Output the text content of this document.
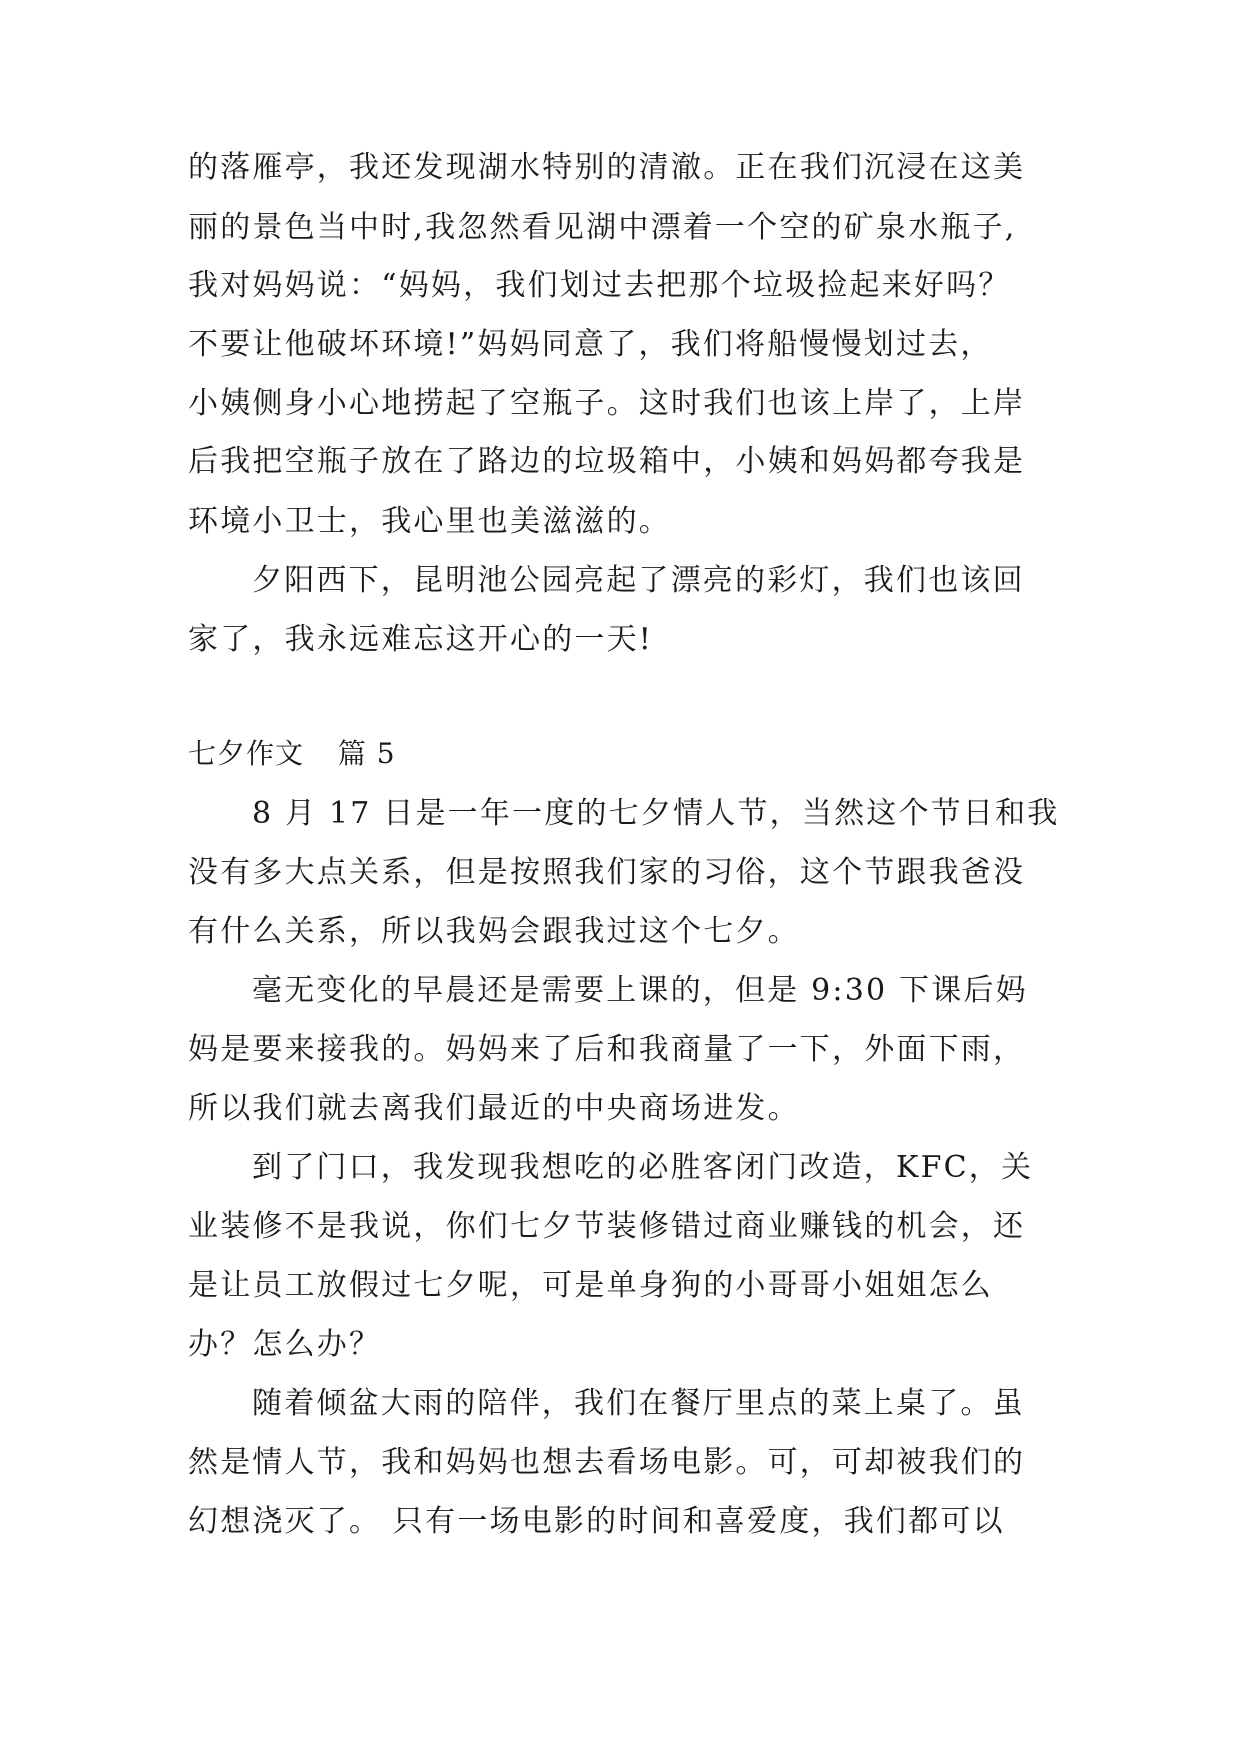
的落雁亭，我还发现湖水特别的清澈。正在我们沉浸在这美
丽的景色当中时,我忽然看见湖中漂着一个空的矿泉水瓶子,
我对妈妈说：“妈妈，我们划过去把那个垃圾捡起来好吗？
不要让他破坏环境!”妈妈同意了，我们将船慢慢划过去，
小姨侧身小心地捞起了空瓶子。这时我们也该上岸了，上岸
后我把空瓶子放在了路边的垃圾箱中，小姨和妈妈都夸我是
环境小卫士，我心里也美滋滋的。
夕阳西下，昆明池公园亮起了漂亮的彩灯，我们也该回
家了，我永远难忘这开心的一天!
七夕作文 篇 5
8 月 17 日是一年一度的七夕情人节，当然这个节日和我
没有多大点关系，但是按照我们家的习俗，这个节跟我爸没
有什么关系，所以我妈会跟我过这个七夕。
毫无变化的早晨还是需要上课的，但是 9:30 下课后妈
妈是要来接我的。妈妈来了后和我商量了一下，外面下雨，
所以我们就去离我们最近的中央商场进发。
到了门口，我发现我想吃的必胜客闭门改造，KFC，关
业装修不是我说，你们七夕节装修错过商业赚钱的机会，还
是让员工放假过七夕呢，可是单身狗的小哥哥小姐姐怎么
办？怎么办？
随着倾盆大雨的陪伴，我们在餐厅里点的菜上桌了。虽
然是情人节，我和妈妈也想去看场电影。可，可却被我们的
幻想浇灭了。 只有一场电影的时间和喜爱度，我们都可以
